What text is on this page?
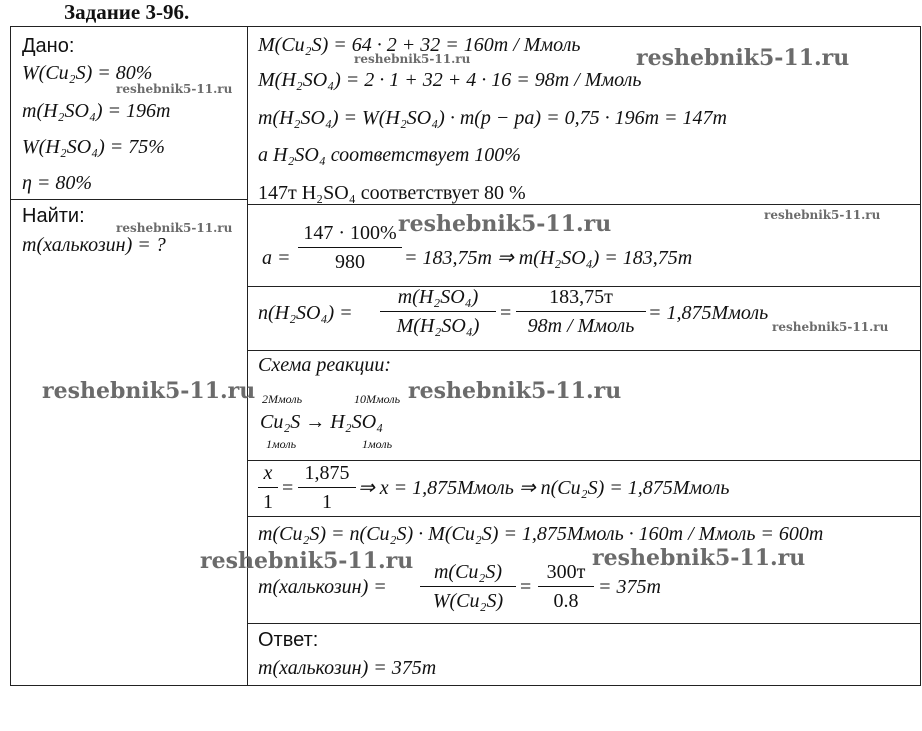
Задание 3-96.
Дано:
W(Cu₂S) = 80%
m(H₂SO₄) = 196т
W(H₂SO₄) = 75%
η = 80%
Найти:
m(халькозин) = ?
M(Cu₂S) = 64 · 2 + 32 = 160т / Ммоль
M(H₂SO₄) = 2 · 1 + 32 + 4 · 16 = 98т / Ммоль
m(H₂SO₄) = W(H₂SO₄) · m(p − pa) = 0,75 · 196т = 147т
a H₂SO₄ соответствует 100%
147т H₂SO₄ соответствует 80 %
a =
147 · 100%
980	= 183,75т ⇒ m(H₂SO₄) = 183,75т
n(H₂SO₄) =
m(H₂SO₄)
M(H₂SO₄)
=
183,75т
98т / Ммоль
= 1,875Ммоль
Схема реакции:
2Ммоль	10Ммоль
Cu₂S → H₂SO₄
1моль	1моль
x
1
=
1,875
1
⇒ x = 1,875Ммоль ⇒ n(Cu₂S) = 1,875Ммоль
m(Cu₂S) = n(Cu₂S) · M(Cu₂S) = 1,875Ммоль · 160т / Ммоль = 600т
m(халькозин) =
m(Cu₂S)
W(Cu₂S)
=
300т
0.8
= 375т
Ответ:
m(халькозин) = 375т
reshebnik5-11.ru
reshebnik5-11.ru
reshebnik5-11.ru
reshebnik5-11.ru	reshebnik5-11.ru	reshebnik5-11.ru
reshebnik5-11.ru
reshebnik5-11.ru	reshebnik5-11.ru
reshebnik5-11.ru	reshebnik5-11.ru
